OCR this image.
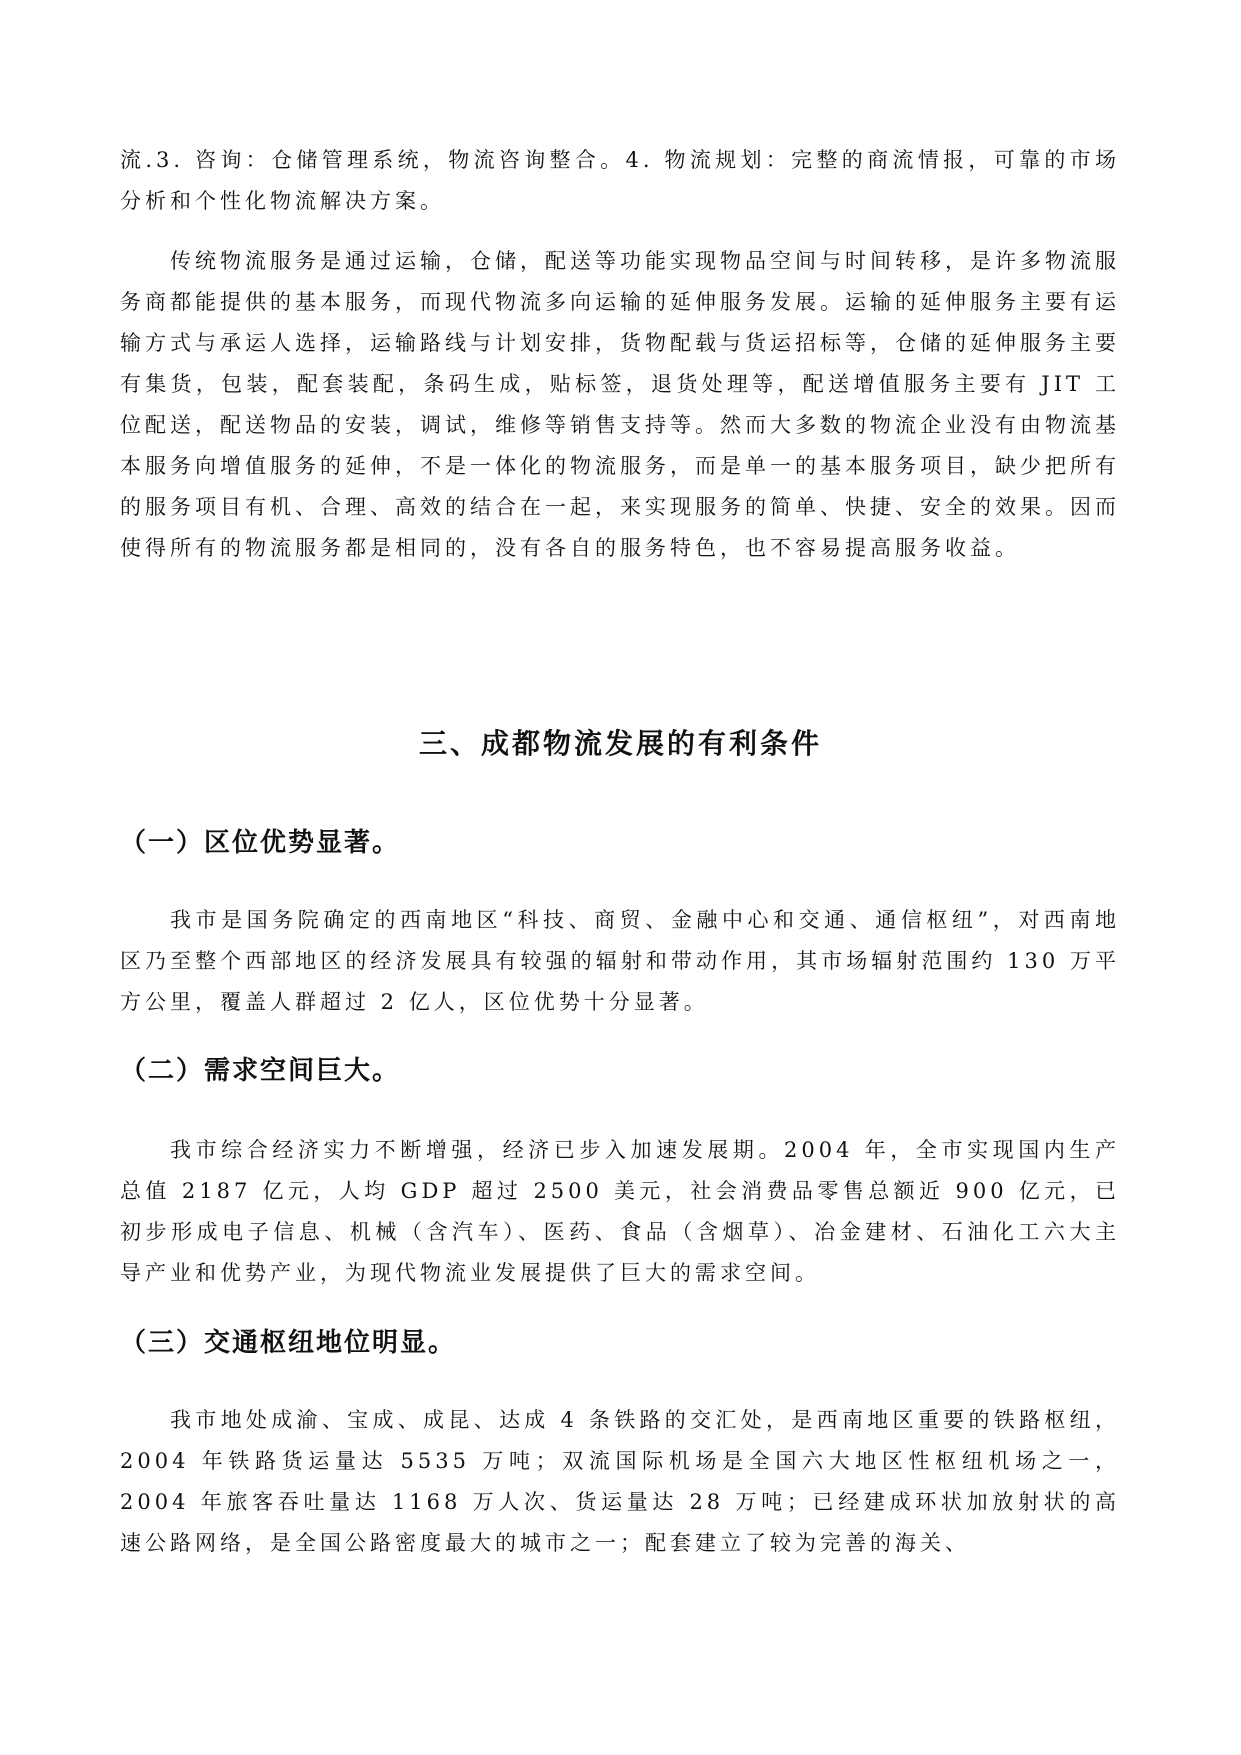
流.3. 咨询：仓储管理系统，物流咨询整合。4. 物流规划：完整的商流情报，可靠的市场分析和个性化物流解决方案。

传统物流服务是通过运输，仓储，配送等功能实现物品空间与时间转移，是许多物流服务商都能提供的基本服务，而现代物流多向运输的延伸服务发展。运输的延伸服务主要有运输方式与承运人选择，运输路线与计划安排，货物配载与货运招标等，仓储的延伸服务主要有集货，包装，配套装配，条码生成，贴标签，退货处理等，配送增值服务主要有 JIT 工位配送，配送物品的安装，调试，维修等销售支持等。然而大多数的物流企业没有由物流基本服务向增值服务的延伸，不是一体化的物流服务，而是单一的基本服务项目，缺少把所有的服务项目有机、合理、高效的结合在一起，来实现服务的简单、快捷、安全的效果。因而使得所有的物流服务都是相同的，没有各自的服务特色，也不容易提高服务收益。

三、成都物流发展的有利条件
（一）区位优势显著。

我市是国务院确定的西南地区“科技、商贸、金融中心和交通、通信枢纽”，对西南地区乃至整个西部地区的经济发展具有较强的辐射和带动作用，其市场辐射范围约 130 万平方公里，覆盖人群超过 2 亿人，区位优势十分显著。

（二）需求空间巨大。

我市综合经济实力不断增强，经济已步入加速发展期。2004 年，全市实现国内生产总值 2187 亿元，人均 GDP 超过 2500 美元，社会消费品零售总额近 900 亿元，已初步形成电子信息、机械（含汽车）、医药、食品（含烟草）、冶金建材、石油化工六大主导产业和优势产业，为现代物流业发展提供了巨大的需求空间。

（三）交通枢纽地位明显。

我市地处成渝、宝成、成昆、达成 4 条铁路的交汇处，是西南地区重要的铁路枢纽，2004 年铁路货运量达 5535 万吨；双流国际机场是全国六大地区性枢纽机场之一，2004 年旅客吞吐量达 1168 万人次、货运量达 28 万吨；已经建成环状加放射状的高速公路网络，是全国公路密度最大的城市之一；配套建立了较为完善的海关、
